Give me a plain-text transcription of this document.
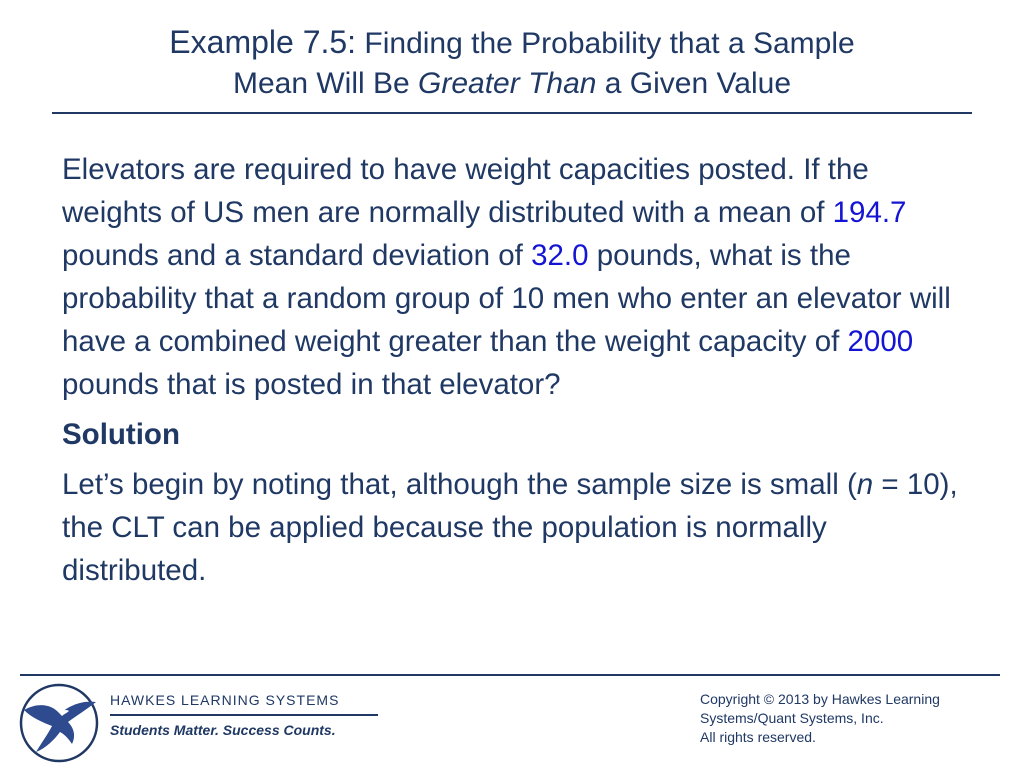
Example 7.5: Finding the Probability that a Sample
Mean Will Be Greater Than a Given Value

Elevators are required to have weight capacities posted. If the weights of US men are normally distributed with a mean of 194.7 pounds and a standard deviation of 32.0 pounds, what is the probability that a random group of 10 men who enter an elevator will have a combined weight greater than the weight capacity of 2000 pounds that is posted in that elevator?

Solution

Let’s begin by noting that, although the sample size is small (n = 10), the CLT can be applied because the population is normally distributed.

HAWKES LEARNING SYSTEMS
Students Matter. Success Counts.
Copyright © 2013 by Hawkes Learning
Systems/Quant Systems, Inc.
All rights reserved.
